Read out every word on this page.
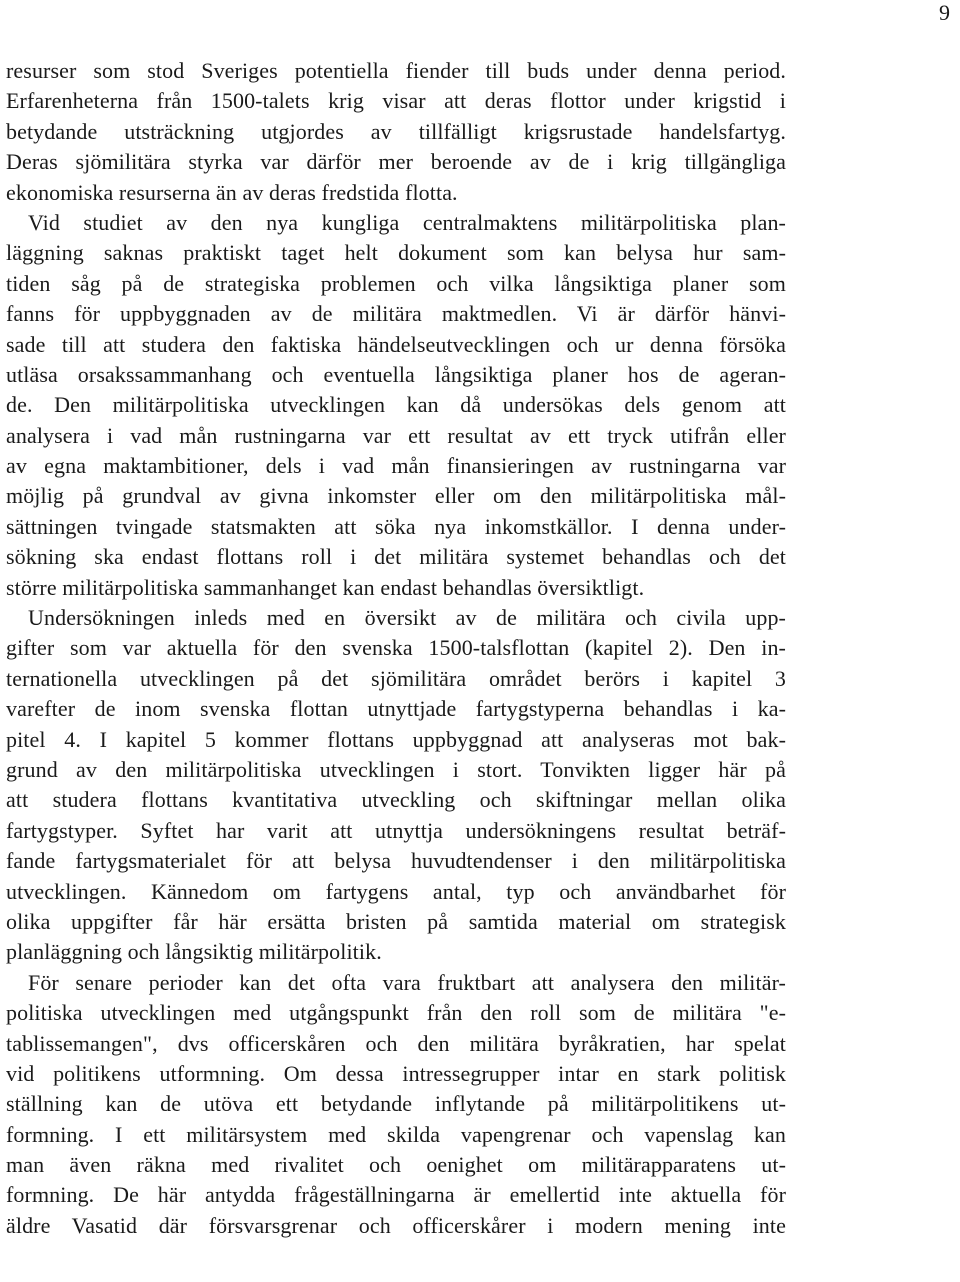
9
resurser som stod Sveriges potentiella fiender till buds under denna period.
Erfarenheterna från 1500-talets krig visar att deras flottor under krigstid i
betydande utsträckning utgjordes av tillfälligt krigsrustade handelsfartyg.
Deras sjömilitära styrka var därför mer beroende av de i krig tillgängliga
ekonomiska resurserna än av deras fredstida flotta.
Vid studiet av den nya kungliga centralmaktens militärpolitiska plan-
läggning saknas praktiskt taget helt dokument som kan belysa hur sam-
tiden såg på de strategiska problemen och vilka långsiktiga planer som
fanns för uppbyggnaden av de militära maktmedlen. Vi är därför hänvi-
sade till att studera den faktiska händelseutvecklingen och ur denna försöka
utläsa orsakssammanhang och eventuella långsiktiga planer hos de ageran-
de. Den militärpolitiska utvecklingen kan då undersökas dels genom att
analysera i vad mån rustningarna var ett resultat av ett tryck utifrån eller
av egna maktambitioner, dels i vad mån finansieringen av rustningarna var
möjlig på grundval av givna inkomster eller om den militärpolitiska mål-
sättningen tvingade statsmakten att söka nya inkomstkällor. I denna under-
sökning ska endast flottans roll i det militära systemet behandlas och det
större militärpolitiska sammanhanget kan endast behandlas översiktligt.
Undersökningen inleds med en översikt av de militära och civila upp-
gifter som var aktuella för den svenska 1500-talsflottan (kapitel 2). Den in-
ternationella utvecklingen på det sjömilitära området berörs i kapitel 3
varefter de inom svenska flottan utnyttjade fartygstyperna behandlas i ka-
pitel 4. I kapitel 5 kommer flottans uppbyggnad att analyseras mot bak-
grund av den militärpolitiska utvecklingen i stort. Tonvikten ligger här på
att studera flottans kvantitativa utveckling och skiftningar mellan olika
fartygstyper. Syftet har varit att utnyttja undersökningens resultat beträf-
fande fartygsmaterialet för att belysa huvudtendenser i den militärpolitiska
utvecklingen. Kännedom om fartygens antal, typ och användbarhet för
olika uppgifter får här ersätta bristen på samtida material om strategisk
planläggning och långsiktig militärpolitik.
För senare perioder kan det ofta vara fruktbart att analysera den militär-
politiska utvecklingen med utgångspunkt från den roll som de militära "e-
tablissemangen", dvs officerskåren och den militära byråkratien, har spelat
vid politikens utformning. Om dessa intressegrupper intar en stark politisk
ställning kan de utöva ett betydande inflytande på militärpolitikens ut-
formning. I ett militärsystem med skilda vapengrenar och vapenslag kan
man även räkna med rivalitet och oenighet om militärapparatens ut-
formning. De här antydda frågeställningarna är emellertid inte aktuella för
äldre Vasatid där försvarsgrenar och officerskårer i modern mening inte
